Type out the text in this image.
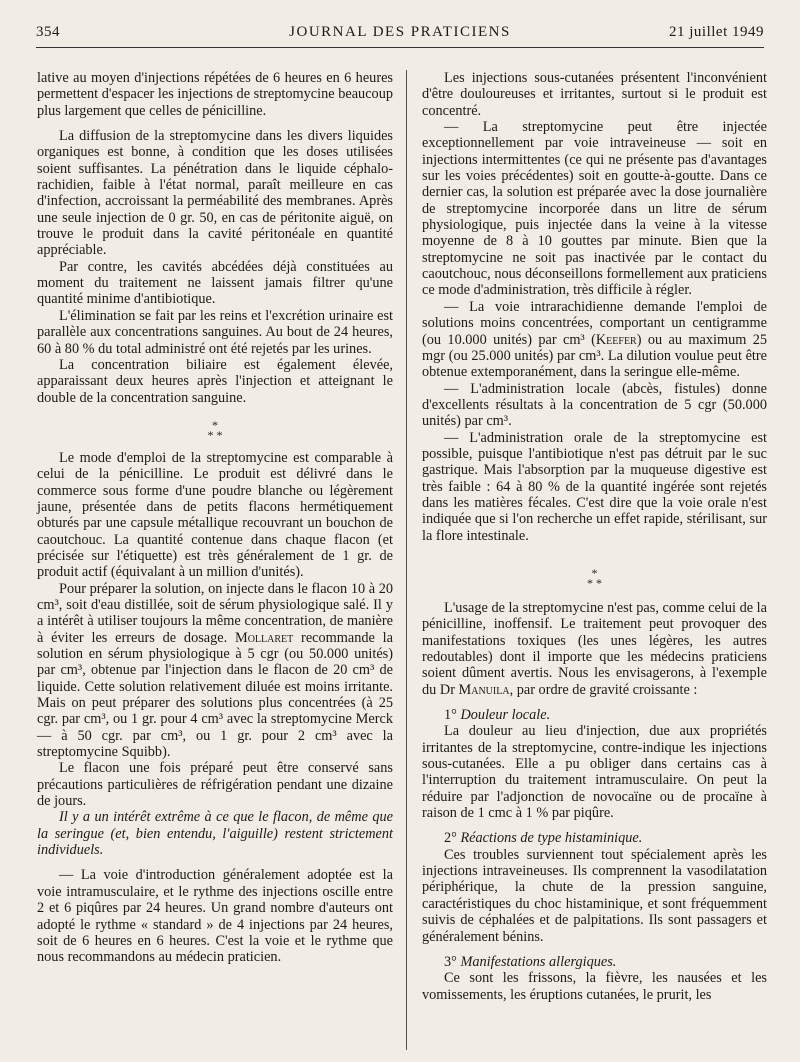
354	JOURNAL DES PRATICIENS	21 juillet 1949

lative au moyen d'injections répétées de 6 heures en 6 heures permettent d'espacer les injections de streptomycine beaucoup plus largement que celles de pénicilline.

La diffusion de la streptomycine dans les divers liquides organiques est bonne, à condition que les doses utilisées soient suffisantes. La pénétration dans le liquide céphalo-rachidien, faible à l'état normal, paraît meilleure en cas d'infection, accroissant la perméabilité des membranes. Après une seule injection de 0 gr. 50, en cas de péritonite aiguë, on trouve le produit dans la cavité péritonéale en quantité appréciable.

Par contre, les cavités abcédées déjà constituées au moment du traitement ne laissent jamais filtrer qu'une quantité minime d'antibiotique.

L'élimination se fait par les reins et l'excrétion urinaire est parallèle aux concentrations sanguines. Au bout de 24 heures, 60 à 80 % du total administré ont été rejetés par les urines.

La concentration biliaire est également élevée, apparaissant deux heures après l'injection et atteignant le double de la concentration sanguine.

*

* *

Le mode d'emploi de la streptomycine est comparable à celui de la pénicilline. Le produit est délivré dans le commerce sous forme d'une poudre blanche ou légèrement jaune, présentée dans de petits flacons hermétiquement obturés par une capsule métallique recouvrant un bouchon de caoutchouc. La quantité contenue dans chaque flacon (et précisée sur l'étiquette) est très généralement de 1 gr. de produit actif (équivalant à un million d'unités).

Pour préparer la solution, on injecte dans le flacon 10 à 20 cm³, soit d'eau distillée, soit de sérum physiologique salé. Il y a intérêt à utiliser toujours la même concentration, de manière à éviter les erreurs de dosage. Mollaret recommande la solution en sérum physiologique à 5 cgr (ou 50.000 unités) par cm³, obtenue par l'injection dans le flacon de 20 cm³ de liquide. Cette solution relativement diluée est moins irritante. Mais on peut préparer des solutions plus concentrées (à 25 cgr. par cm³, ou 1 gr. pour 4 cm³ avec la streptomycine Merck — à 50 cgr. par cm³, ou 1 gr. pour 2 cm³ avec la streptomycine Squibb).

Le flacon une fois préparé peut être conservé sans précautions particulières de réfrigération pendant une dizaine de jours.

Il y a un intérêt extrême à ce que le flacon, de même que la seringue (et, bien entendu, l'aiguille) restent strictement individuels.

— La voie d'introduction généralement adoptée est la voie intramusculaire, et le rythme des injections oscille entre 2 et 6 piqûres par 24 heures. Un grand nombre d'auteurs ont adopté le rythme « standard » de 4 injections par 24 heures, soit de 6 heures en 6 heures. C'est la voie et le rythme que nous recommandons au médecin praticien.

Les injections sous-cutanées présentent l'inconvénient d'être douloureuses et irritantes, surtout si le produit est concentré.

— La streptomycine peut être injectée exceptionnellement par voie intraveineuse — soit en injections intermittentes (ce qui ne présente pas d'avantages sur les voies précédentes) soit en goutte-à-goutte. Dans ce dernier cas, la solution est préparée avec la dose journalière de streptomycine incorporée dans un litre de sérum physiologique, puis injectée dans la veine à la vitesse moyenne de 8 à 10 gouttes par minute. Bien que la streptomycine ne soit pas inactivée par le contact du caoutchouc, nous déconseillons formellement aux praticiens ce mode d'administration, très difficile à régler.

— La voie intrarachidienne demande l'emploi de solutions moins concentrées, comportant un centigramme (ou 10.000 unités) par cm³ (Keefer) ou au maximum 25 mgr (ou 25.000 unités) par cm³. La dilution voulue peut être obtenue extemporanément, dans la seringue elle-même.

— L'administration locale (abcès, fistules) donne d'excellents résultats à la concentration de 5 cgr (50.000 unités) par cm³.

— L'administration orale de la streptomycine est possible, puisque l'antibiotique n'est pas détruit par le suc gastrique. Mais l'absorption par la muqueuse digestive est très faible : 64 à 80 % de la quantité ingérée sont rejetés dans les matières fécales. C'est dire que la voie orale n'est indiquée que si l'on recherche un effet rapide, stérilisant, sur la flore intestinale.

*

* *

L'usage de la streptomycine n'est pas, comme celui de la pénicilline, inoffensif. Le traitement peut provoquer des manifestations toxiques (les unes légères, les autres redoutables) dont il importe que les médecins praticiens soient dûment avertis. Nous les envisagerons, à l'exemple du Dr Manuila, par ordre de gravité croissante :

1° Douleur locale.

La douleur au lieu d'injection, due aux propriétés irritantes de la streptomycine, contre-indique les injections sous-cutanées. Elle a pu obliger dans certains cas à l'interruption du traitement intramusculaire. On peut la réduire par l'adjonction de novocaïne ou de procaïne à raison de 1 cmc à 1 % par piqûre.

2° Réactions de type histaminique.

Ces troubles surviennent tout spécialement après les injections intraveineuses. Ils comprennent la vasodilatation périphérique, la chute de la pression sanguine, caractéristiques du choc histaminique, et sont fréquemment suivis de céphalées et de palpitations. Ils sont passagers et généralement bénins.

3° Manifestations allergiques.

Ce sont les frissons, la fièvre, les nausées et les vomissements, les éruptions cutanées, le prurit, les
